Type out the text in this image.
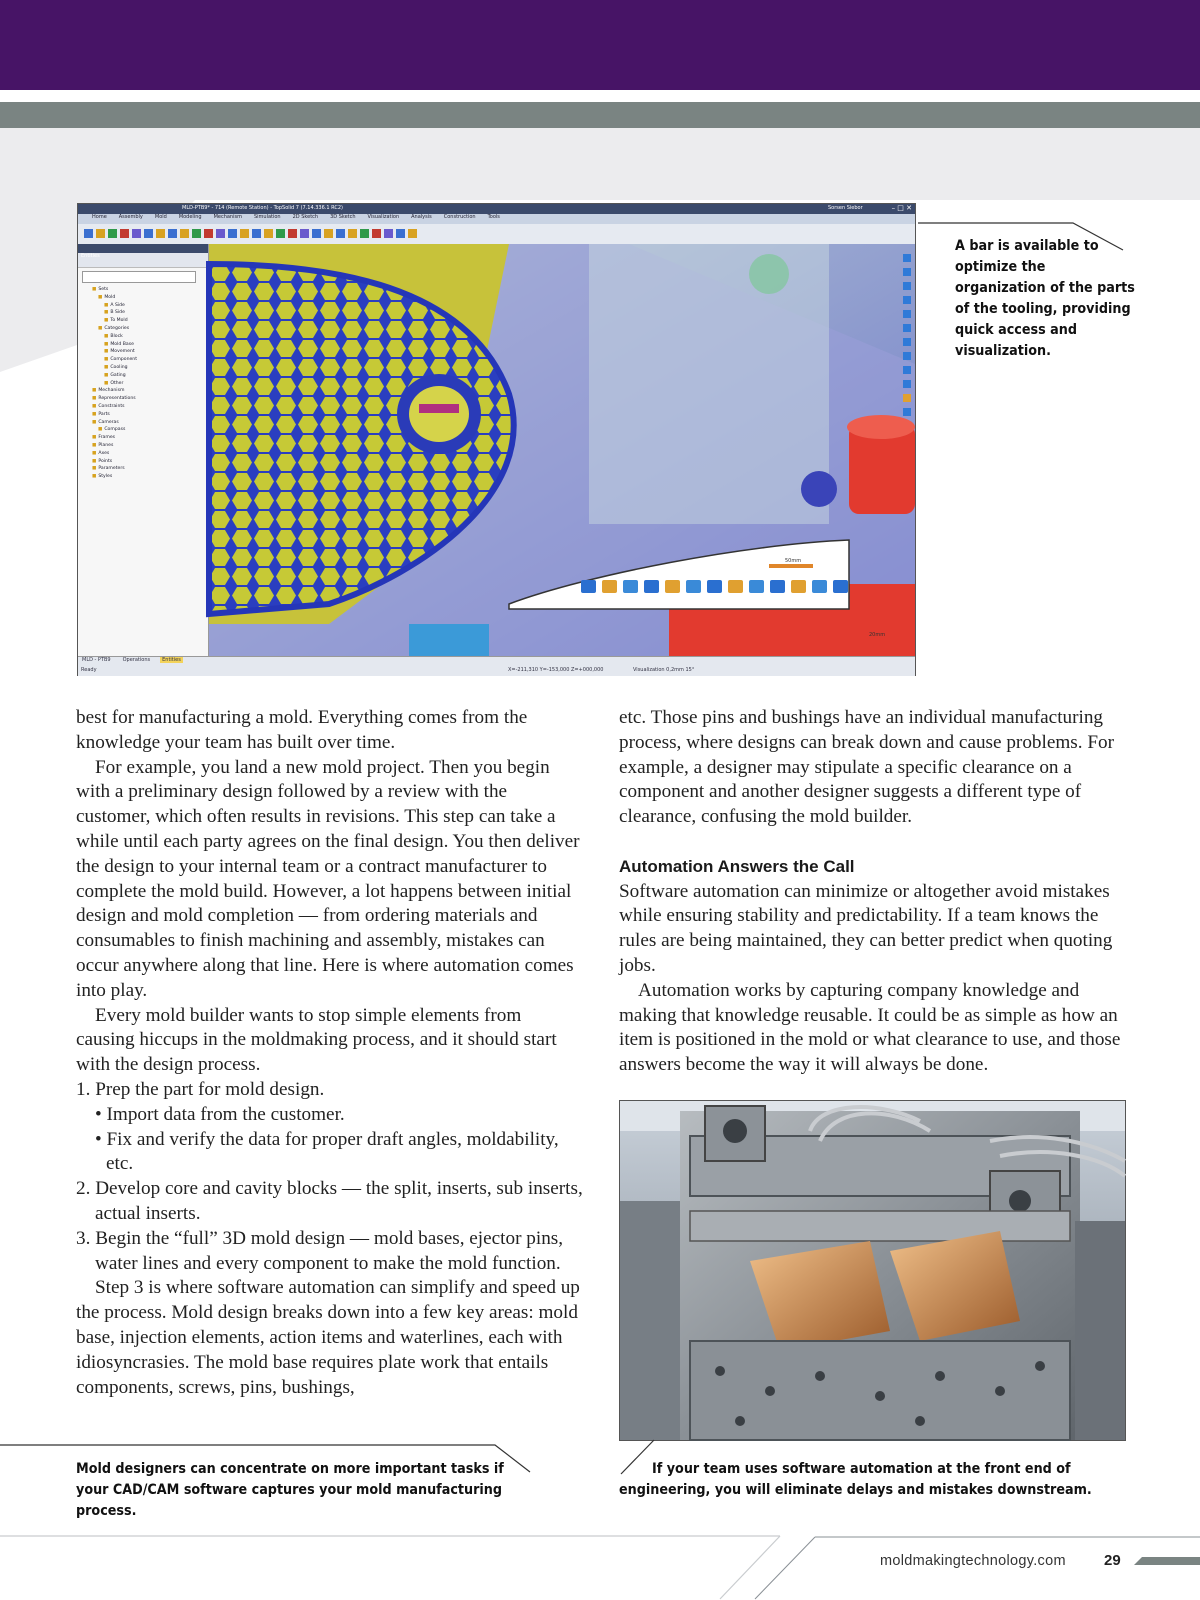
MLD-PTB9* - 714 (Remote Station) - TopSolid 7 (7.14.336.1 RC2)	Sorsen Siebor	– □ ✕
Home Assembly Mold Modeling Mechanism Simulation 2D Sketch 3D Sketch Visualization Analysis Construction Tools
Entities
■ Sets
■ Mold
■ A Side
■ B Side
■ To Mold
■ Categories
■ Block
■ Mold Base
■ Movement
■ Component
■ Cooling
■ Gating
■ Other
■ Mechanism
■ Representations
■ Constraints
■ Parts
■ Cameras
■ Compass
■ Frames
■ Planes
■ Axes
■ Points
■ Parameters
■ Styles
50mm
20mm
MLD - PTB9 Operations Entities
Ready	X=-211,310 Y=-153,000 Z=+000,000	Visualization 0,2mm 15°
A bar is available to optimize the organization of the parts of the tooling, providing quick access and visualization.

best for manufacturing a mold. Everything comes from the knowledge your team has built over time.

For example, you land a new mold project. Then you begin with a preliminary design followed by a review with the customer, which often results in revisions. This step can take a while until each party agrees on the final design. You then deliver the design to your internal team or a contract manufacturer to complete the mold build. However, a lot happens between initial design and mold completion — from ordering materials and consumables to finish machining and assembly, mistakes can occur anywhere along that line. Here is where automation comes into play.

Every mold builder wants to stop simple elements from causing hiccups in the moldmaking process, and it should start with the design process.

1. Prep the part for mold design.

• Import data from the customer.

• Fix and verify the data for proper draft angles, moldability, etc.

2. Develop core and cavity blocks — the split, inserts, sub inserts, actual inserts.

3. Begin the “full” 3D mold design — mold bases, ejector pins, water lines and every component to make the mold function.

Step 3 is where software automation can simplify and speed up the process. Mold design breaks down into a few key areas: mold base, injection elements, action items and waterlines, each with idiosyncrasies. The mold base requires plate work that entails components, screws, pins, bushings,

etc. Those pins and bushings have an individual manufacturing process, where designs can break down and cause problems. For example, a designer may stipulate a specific clearance on a component and another designer suggests a different type of clearance, confusing the mold builder.

Automation Answers the Call

Software automation can minimize or altogether avoid mistakes while ensuring stability and predictability. If a team knows the rules are being maintained, they can better predict when quoting jobs.

Automation works by capturing company knowledge and making that knowledge reusable. It could be as simple as how an item is positioned in the mold or what clearance to use, and those answers become the way it will always be done.

Mold designers can concentrate on more important tasks if your CAD/CAM software captures your mold manufacturing process.
If your team uses software automation at the front end of engineering, you will eliminate delays and mistakes downstream.
moldmakingtechnology.com	29
